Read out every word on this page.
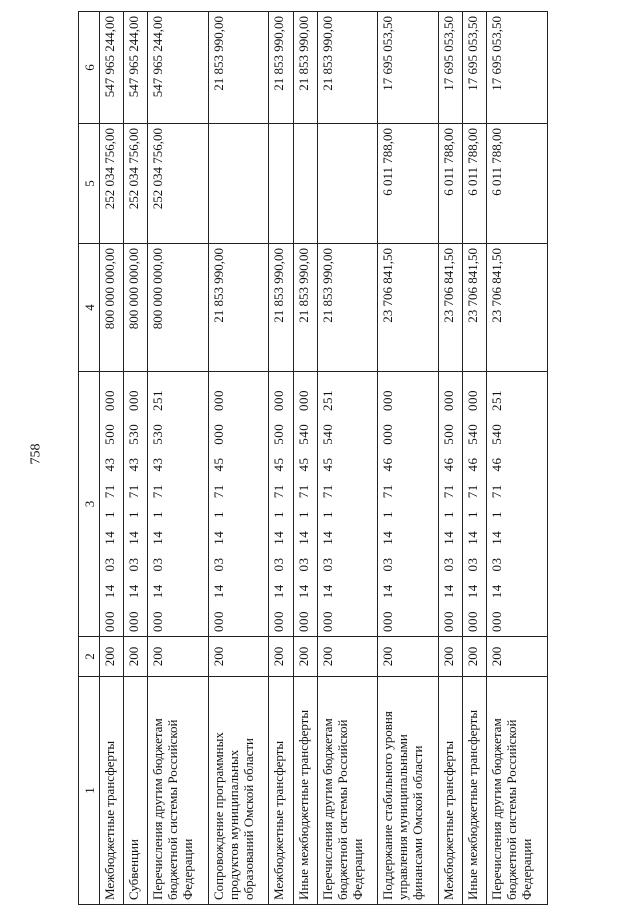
758
1	2	3	4	5	6
Межбюджетные трансферты	200	000 14 03 14 1 71 43 500 000	800 000 000,00	252 034 756,00	547 965 244,00
Субвенции	200	000 14 03 14 1 71 43 530 000	800 000 000,00	252 034 756,00	547 965 244,00
Перечисления другим бюджетам бюджетной системы Российской Федерации	200	000 14 03 14 1 71 43 530 251	800 000 000,00	252 034 756,00	547 965 244,00
Сопровождение программных продуктов муниципальных образований Омской области	200	000 14 03 14 1 71 45 000 000	21 853 990,00		21 853 990,00
Межбюджетные трансферты	200	000 14 03 14 1 71 45 500 000	21 853 990,00		21 853 990,00
Иные межбюджетные трансферты	200	000 14 03 14 1 71 45 540 000	21 853 990,00		21 853 990,00
Перечисления другим бюджетам бюджетной системы Российской Федерации	200	000 14 03 14 1 71 45 540 251	21 853 990,00		21 853 990,00
Поддержание стабильного уровня управления муниципальными финансами Омской области	200	000 14 03 14 1 71 46 000 000	23 706 841,50	6 011 788,00	17 695 053,50
Межбюджетные трансферты	200	000 14 03 14 1 71 46 500 000	23 706 841,50	6 011 788,00	17 695 053,50
Иные межбюджетные трансферты	200	000 14 03 14 1 71 46 540 000	23 706 841,50	6 011 788,00	17 695 053,50
Перечисления другим бюджетам бюджетной системы Российской Федерации	200	000 14 03 14 1 71 46 540 251	23 706 841,50	6 011 788,00	17 695 053,50
